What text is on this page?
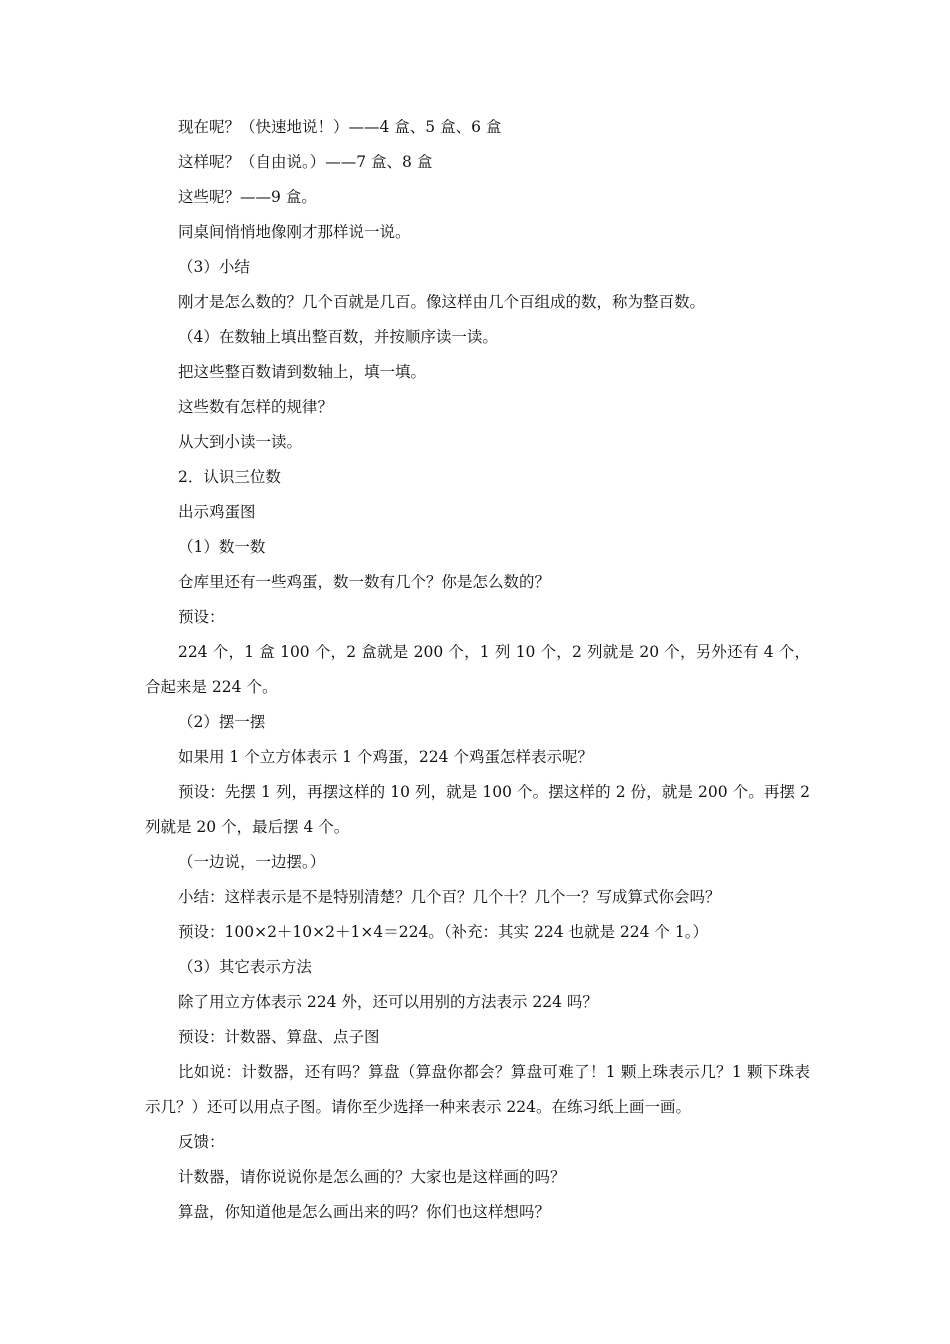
现在呢？（快速地说！）——4 盒、5 盒、6 盒

这样呢？（自由说。）——7 盒、8 盒

这些呢？——9 盒。

同桌间悄悄地像刚才那样说一说。

（3）小结

刚才是怎么数的？几个百就是几百。像这样由几个百组成的数，称为整百数。

（4）在数轴上填出整百数，并按顺序读一读。

把这些整百数请到数轴上，填一填。

这些数有怎样的规律？

从大到小读一读。

2．认识三位数

出示鸡蛋图

（1）数一数

仓库里还有一些鸡蛋，数一数有几个？你是怎么数的？

预设：

224 个，1 盒 100 个，2 盒就是 200 个，1 列 10 个，2 列就是 20 个，另外还有 4 个，合起来是 224 个。

（2）摆一摆

如果用 1 个立方体表示 1 个鸡蛋，224 个鸡蛋怎样表示呢？

预设：先摆 1 列，再摆这样的 10 列，就是 100 个。摆这样的 2 份，就是 200 个。再摆 2 列就是 20 个，最后摆 4 个。

（一边说，一边摆。）

小结：这样表示是不是特别清楚？几个百？几个十？几个一？写成算式你会吗？

预设：100×2＋10×2＋1×4＝224。（补充：其实 224 也就是 224 个 1。）

（3）其它表示方法

除了用立方体表示 224 外，还可以用别的方法表示 224 吗？

预设：计数器、算盘、点子图

比如说：计数器，还有吗？算盘（算盘你都会？算盘可难了！1 颗上珠表示几？1 颗下珠表示几？）还可以用点子图。请你至少选择一种来表示 224。在练习纸上画一画。

反馈：

计数器，请你说说你是怎么画的？大家也是这样画的吗？

算盘，你知道他是怎么画出来的吗？你们也这样想吗？
